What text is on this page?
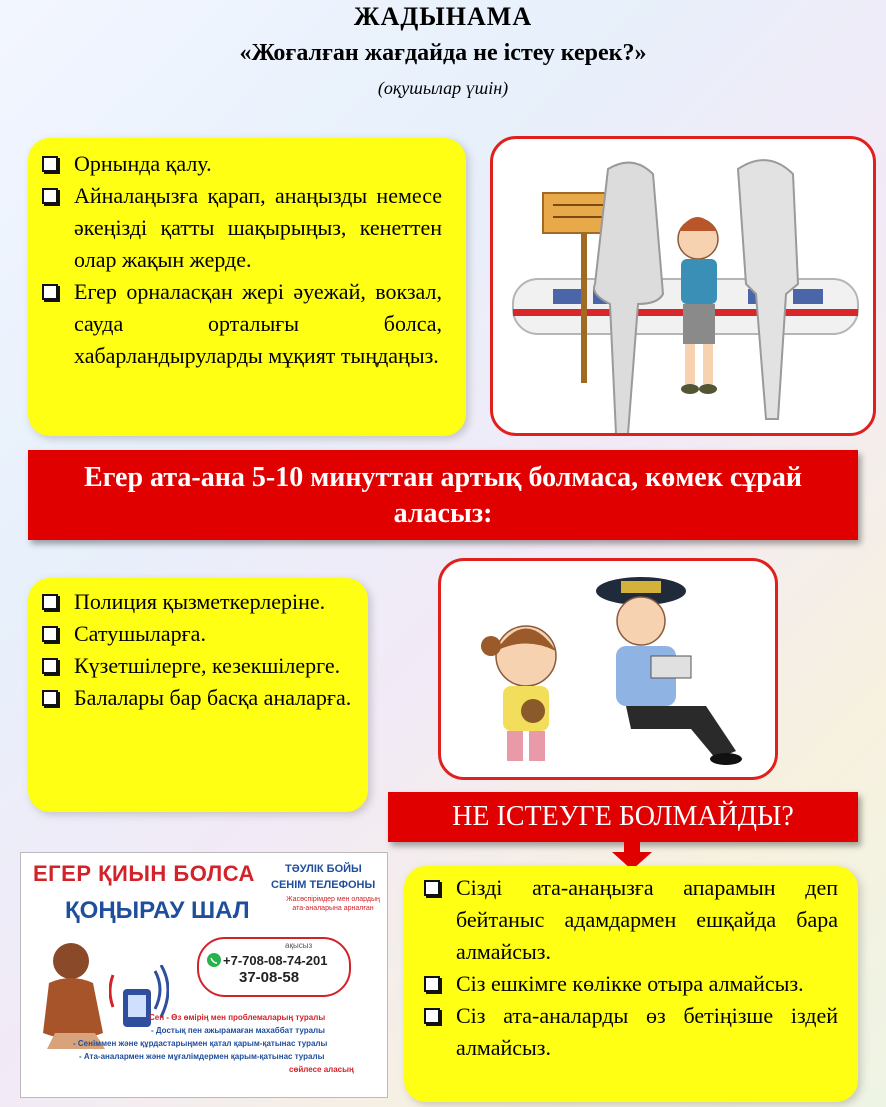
ЖАДЫНАМА
«Жоғалған жағдайда не істеу керек?»
(оқушылар үшін)
Орнында қалу.
Айналаңызға қарап, анаңызды немесе әкеңізді қатты шақырыңыз, кенеттен олар жақын жерде.
Егер орналасқан жері әуежай, вокзал, сауда орталығы болса, хабарландыруларды мұқият тыңдаңыз.
Егер ата-ана 5-10 минуттан артық болмаса, көмек сұрай аласыз:
Полиция қызметкерлеріне.
Сатушыларға.
Күзетшілерге, кезекшілерге.
Балалары бар басқа аналарға.
НЕ ІСТЕУГЕ БОЛМАЙДЫ?
Сізді ата-анаңызға апарамын деп бейтаныс адамдармен ешқайда бара алмайсыз.
Сіз ешкімге көлікке отыра алмайсыз.
Сіз ата-аналарды өз бетіңізше іздей алмайсыз.
ЕГЕР ҚИЫН БОЛСА
ҚОҢЫРАУ ШАЛ
ТӘУЛІК БОЙЫ
СЕНІМ ТЕЛЕФОНЫ
Жасөспірімдер мен олардың ата-аналарына арналған
ақысыз
+7-708-08-74-201
37-08-58
Сен - Өз өмірің мен проблемаларың туралы
- Достық пен ажырамаған махаббат туралы
- Сеніммен және құрдастарыңмен қатал қарым-қатынас туралы
- Ата-аналармен және мұғалімдермен қарым-қатынас туралы
сөйлесе аласың
